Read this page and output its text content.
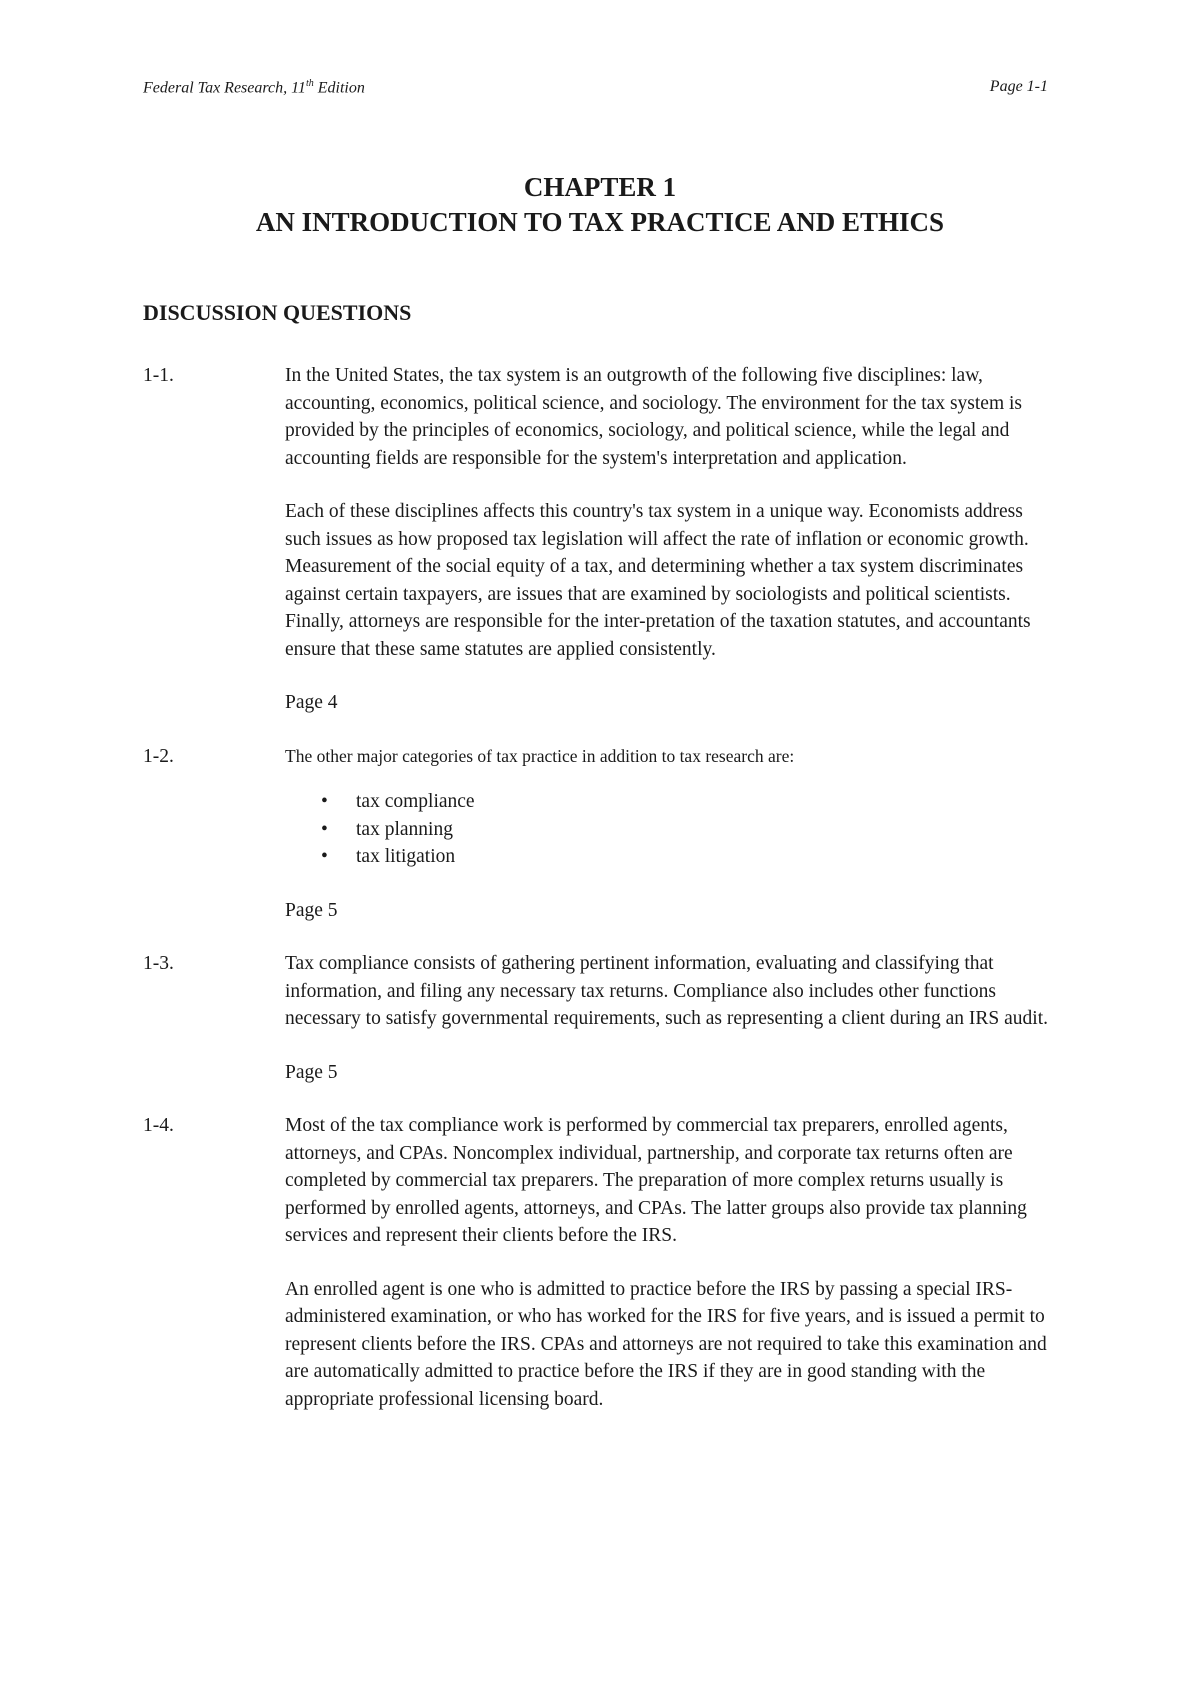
Federal Tax Research, 11th Edition	Page 1-1
CHAPTER 1
AN INTRODUCTION TO TAX PRACTICE AND ETHICS
DISCUSSION QUESTIONS
1-1.	In the United States, the tax system is an outgrowth of the following five disciplines: law, accounting, economics, political science, and sociology. The environment for the tax system is provided by the principles of economics, sociology, and political science, while the legal and accounting fields are responsible for the system's interpretation and application.

Each of these disciplines affects this country's tax system in a unique way. Economists address such issues as how proposed tax legislation will affect the rate of inflation or economic growth. Measurement of the social equity of a tax, and determining whether a tax system discriminates against certain taxpayers, are issues that are examined by sociologists and political scientists. Finally, attorneys are responsible for the inter-pretation of the taxation statutes, and accountants ensure that these same statutes are applied consistently.

Page 4

1-2.	The other major categories of tax practice in addition to tax research are:

• tax compliance
• tax planning
• tax litigation

Page 5

1-3.	Tax compliance consists of gathering pertinent information, evaluating and classifying that information, and filing any necessary tax returns. Compliance also includes other functions necessary to satisfy governmental requirements, such as representing a client during an IRS audit.

Page 5

1-4.	Most of the tax compliance work is performed by commercial tax preparers, enrolled agents, attorneys, and CPAs. Noncomplex individual, partnership, and corporate tax returns often are completed by commercial tax preparers. The preparation of more complex returns usually is performed by enrolled agents, attorneys, and CPAs. The latter groups also provide tax planning services and represent their clients before the IRS.

An enrolled agent is one who is admitted to practice before the IRS by passing a special IRS-administered examination, or who has worked for the IRS for five years, and is issued a permit to represent clients before the IRS. CPAs and attorneys are not required to take this examination and are automatically admitted to practice before the IRS if they are in good standing with the appropriate professional licensing board.
